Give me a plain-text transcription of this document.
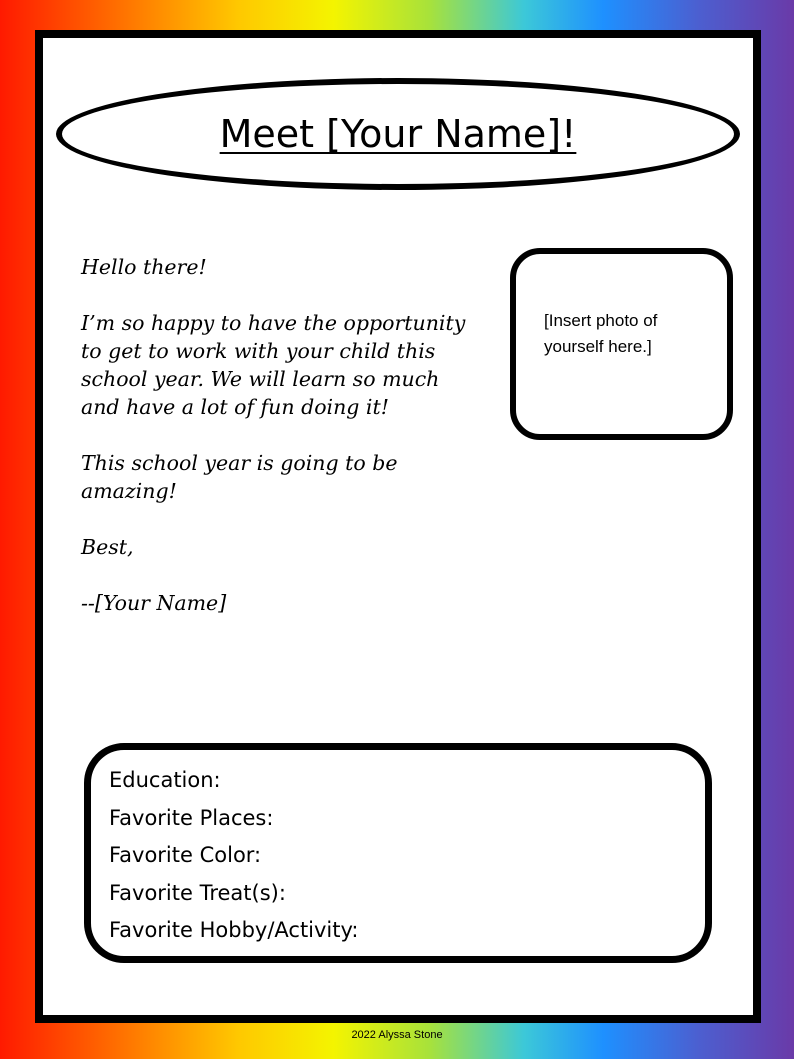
Meet [Your Name]!

Hello there!

I’m so happy to have the opportunity to get to work with your child this school year. We will learn so much and have a lot of fun doing it!

This school year is going to be amazing!

Best,

--[Your Name]

[Insert photo of yourself here.]
Education:
Favorite Places:
Favorite Color:
Favorite Treat(s):
Favorite Hobby/Activity:
2022 Alyssa Stone
